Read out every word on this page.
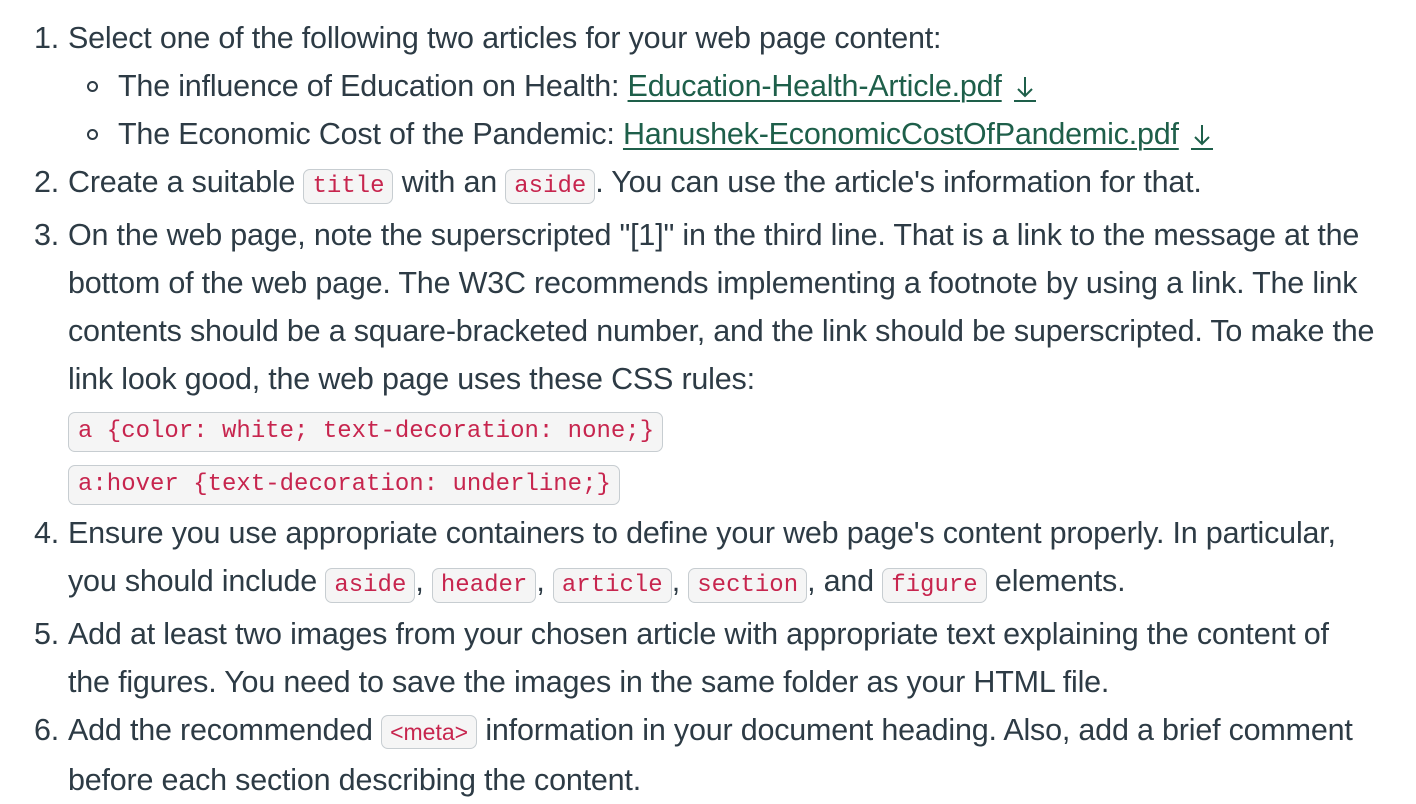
1. Select one of the following two articles for your web page content:
The influence of Education on Health: Education-Health-Article.pdf
The Economic Cost of the Pandemic: Hanushek-EconomicCostOfPandemic.pdf
2. Create a suitable title with an aside . You can use the article's information for that.
3. On the web page, note the superscripted "[1]" in the third line. That is a link to the message at the bottom of the web page. The W3C recommends implementing a footnote by using a link. The link contents should be a square-bracketed number, and the link should be superscripted. To make the link look good, the web page uses these CSS rules:
a {color: white; text-decoration: none;}
a:hover {text-decoration: underline;}
4. Ensure you use appropriate containers to define your web page's content properly. In particular, you should include aside , header , article , section , and figure elements.
5. Add at least two images from your chosen article with appropriate text explaining the content of the figures. You need to save the images in the same folder as your HTML file.
6. Add the recommended <meta> information in your document heading. Also, add a brief comment before each section describing the content.
